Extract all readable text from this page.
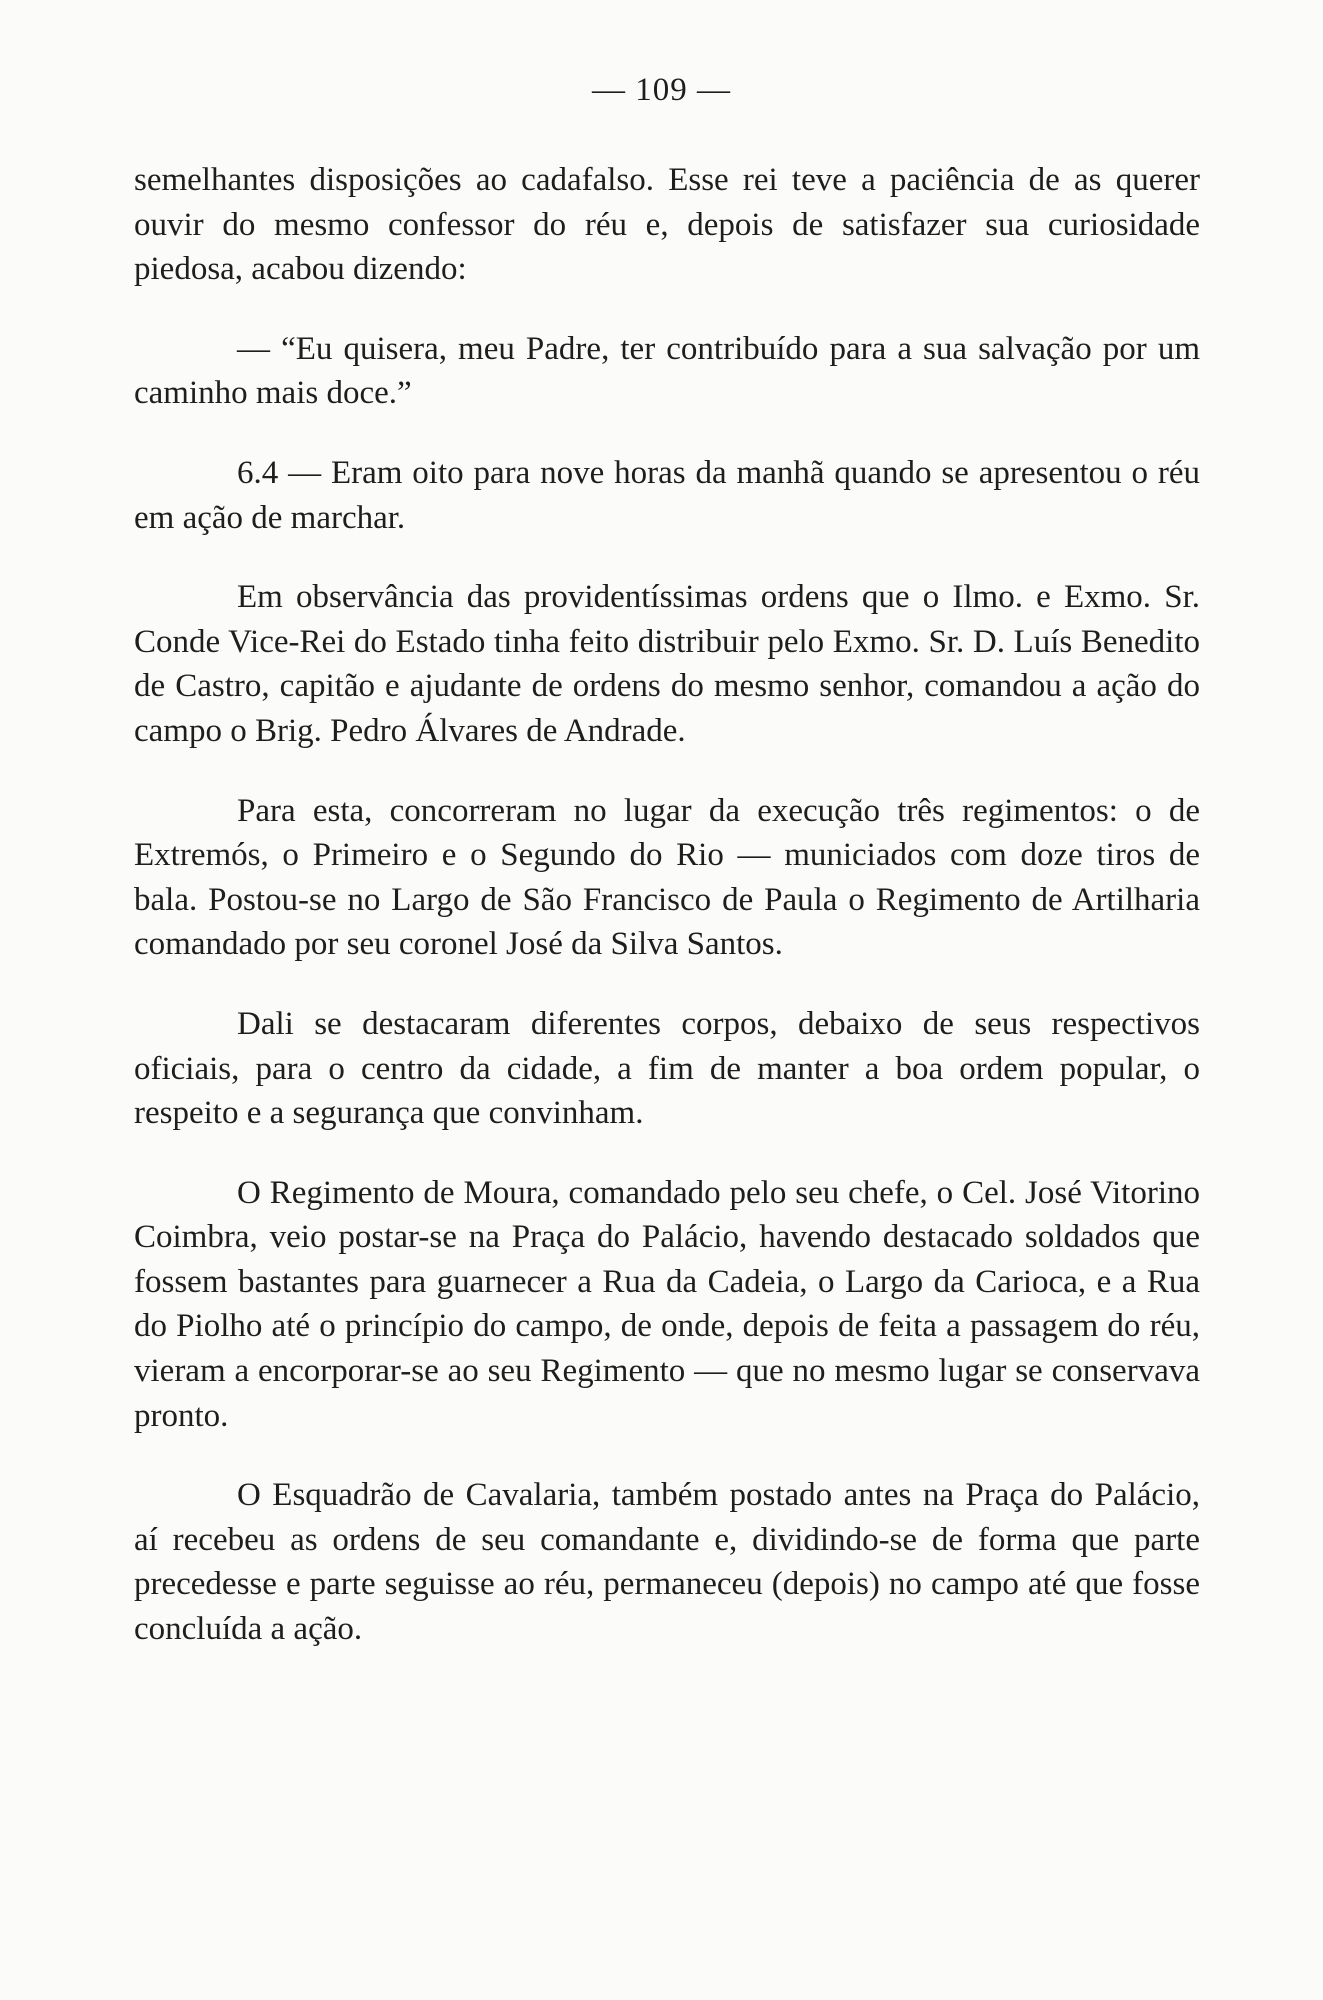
— 109 —

semelhantes disposições ao cadafalso. Esse rei teve a paciência de as querer ouvir do mesmo confessor do réu e, depois de satisfazer sua curiosidade piedosa, acabou dizendo:

— “Eu quisera, meu Padre, ter contribuído para a sua salvação por um caminho mais doce.”

6.4 — Eram oito para nove horas da manhã quando se apresentou o réu em ação de marchar.

Em observância das providentíssimas ordens que o Ilmo. e Exmo. Sr. Conde Vice-Rei do Estado tinha feito distribuir pelo Exmo. Sr. D. Luís Benedito de Castro, capitão e ajudante de ordens do mesmo senhor, comandou a ação do campo o Brig. Pedro Álvares de Andrade.

Para esta, concorreram no lugar da execução três regimentos: o de Extremós, o Primeiro e o Segundo do Rio — municiados com doze tiros de bala. Postou-se no Largo de São Francisco de Paula o Regimento de Artilharia comandado por seu coronel José da Silva Santos.

Dali se destacaram diferentes corpos, debaixo de seus respectivos oficiais, para o centro da cidade, a fim de manter a boa ordem popular, o respeito e a segurança que convinham.

O Regimento de Moura, comandado pelo seu chefe, o Cel. José Vitorino Coimbra, veio postar-se na Praça do Palácio, havendo destacado soldados que fossem bastantes para guarnecer a Rua da Cadeia, o Largo da Carioca, e a Rua do Piolho até o princípio do campo, de onde, depois de feita a passagem do réu, vieram a encorporar-se ao seu Regimento — que no mesmo lugar se conservava pronto.

O Esquadrão de Cavalaria, também postado antes na Praça do Palácio, aí recebeu as ordens de seu comandante e, dividindo-se de forma que parte precedesse e parte seguisse ao réu, permaneceu (depois) no campo até que fosse concluída a ação.
